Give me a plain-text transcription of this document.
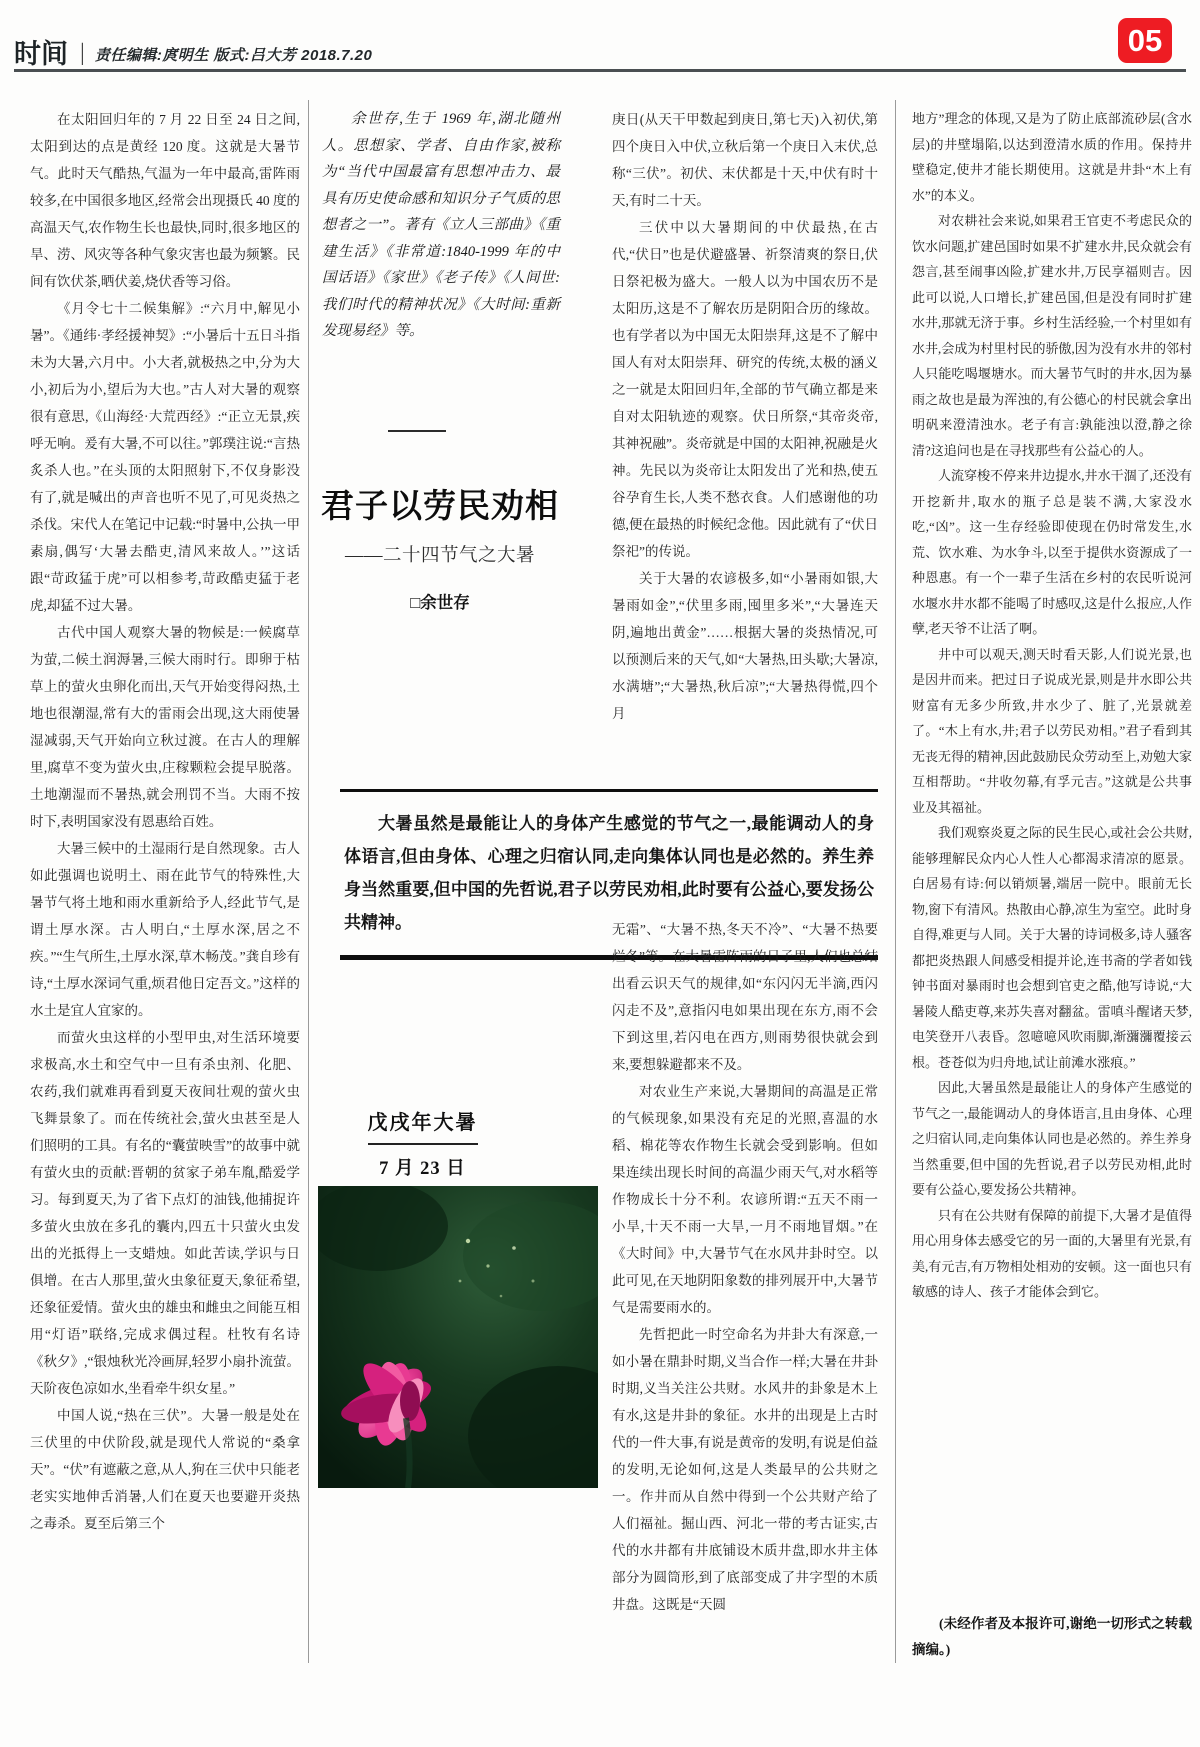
时间 | 责任编辑:庹明生 版式:吕大芳 2018.7.20	05

在太阳回归年的 7 月 22 日至 24 日之间,太阳到达的点是黄经 120 度。这就是大暑节气。此时天气酷热,气温为一年中最高,雷阵雨较多,在中国很多地区,经常会出现摄氏 40 度的高温天气,农作物生长也最快,同时,很多地区的旱、涝、风灾等各种气象灾害也最为频繁。民间有饮伏茶,晒伏姜,烧伏香等习俗。

《月令七十二候集解》:“六月中,解见小暑”。《通纬·孝经援神契》:“小暑后十五日斗指未为大暑,六月中。小大者,就极热之中,分为大小,初后为小,望后为大也。”古人对大暑的观察很有意思,《山海经·大荒西经》:“正立无景,疾呼无响。爰有大暑,不可以往。”郭璞注说:“言热炙杀人也。”在头顶的太阳照射下,不仅身影没有了,就是喊出的声音也听不见了,可见炎热之杀伐。宋代人在笔记中记载:“时暑中,公执一甲素扇,偶写‘大暑去酷吏,清风来故人。’”这话跟“苛政猛于虎”可以相参考,苛政酷吏猛于老虎,却猛不过大暑。

古代中国人观察大暑的物候是:一候腐草为萤,二候土润溽暑,三候大雨时行。即卵于枯草上的萤火虫卵化而出,天气开始变得闷热,土地也很潮湿,常有大的雷雨会出现,这大雨使暑湿减弱,天气开始向立秋过渡。在古人的理解里,腐草不变为萤火虫,庄稼颗粒会提早脱落。土地潮湿而不暑热,就会刑罚不当。大雨不按时下,表明国家没有恩惠给百姓。

大暑三候中的土湿雨行是自然现象。古人如此强调也说明土、雨在此节气的特殊性,大暑节气将土地和雨水重新给予人,经此节气,是谓土厚水深。古人明白,“土厚水深,居之不疾。”“生气所生,土厚水深,草木畅茂。”龚自珍有诗,“土厚水深词气重,烦君他日定吾文。”这样的水土是宜人宜家的。

而萤火虫这样的小型甲虫,对生活环境要求极高,水土和空气中一旦有杀虫剂、化肥、农药,我们就难再看到夏天夜间壮观的萤火虫飞舞景象了。而在传统社会,萤火虫甚至是人们照明的工具。有名的“囊萤映雪”的故事中就有萤火虫的贡献:晋朝的贫家子弟车胤,酷爱学习。每到夏天,为了省下点灯的油钱,他捕捉许多萤火虫放在多孔的囊内,四五十只萤火虫发出的光抵得上一支蜡烛。如此苦读,学识与日俱增。在古人那里,萤火虫象征夏天,象征希望,还象征爱情。萤火虫的雄虫和雌虫之间能互相用“灯语”联络,完成求偶过程。杜牧有名诗《秋夕》,“银烛秋光冷画屏,轻罗小扇扑流萤。天阶夜色凉如水,坐看牵牛织女星。”

中国人说,“热在三伏”。大暑一般是处在三伏里的中伏阶段,就是现代人常说的“桑拿天”。“伏”有遮蔽之意,从人,狗在三伏中只能老老实实地伸舌消暑,人们在夏天也要避开炎热之毒杀。夏至后第三个

余世存,生于 1969 年,湖北随州人。思想家、学者、自由作家,被称为“当代中国最富有思想冲击力、最具有历史使命感和知识分子气质的思想者之一”。著有《立人三部曲》《重建生活》《非常道:1840-1999 年的中国话语》《家世》《老子传》《人间世:我们时代的精神状况》《大时间:重新发现易经》等。

君子以劳民劝相
——二十四节气之大暑
□余世存
戊戌年大暑
7 月 23 日

大暑虽然是最能让人的身体产生感觉的节气之一,最能调动人的身体语言,但由身体、心理之归宿认同,走向集体认同也是必然的。养生养身当然重要,但中国的先哲说,君子以劳民劝相,此时要有公益心,要发扬公共精神。

庚日(从天干甲数起到庚日,第七天)入初伏,第四个庚日入中伏,立秋后第一个庚日入末伏,总称“三伏”。初伏、末伏都是十天,中伏有时十天,有时二十天。

三伏中以大暑期间的中伏最热,在古代,“伏日”也是伏避盛暑、祈祭清爽的祭日,伏日祭祀极为盛大。一般人以为中国农历不是太阳历,这是不了解农历是阴阳合历的缘故。也有学者以为中国无太阳崇拜,这是不了解中国人有对太阳崇拜、研究的传统,太极的涵义之一就是太阳回归年,全部的节气确立都是来自对太阳轨迹的观察。伏日所祭,“其帝炎帝,其神祝融”。炎帝就是中国的太阳神,祝融是火神。先民以为炎帝让太阳发出了光和热,使五谷孕育生长,人类不愁衣食。人们感谢他的功德,便在最热的时候纪念他。因此就有了“伏日祭祀”的传说。

关于大暑的农谚极多,如“小暑雨如银,大暑雨如金”,“伏里多雨,囤里多米”,“大暑连天阴,遍地出黄金”……根据大暑的炎热情况,可以预测后来的天气,如“大暑热,田头歇;大暑凉,水满塘”;“大暑热,秋后凉”;“大暑热得慌,四个月

无霜”、“大暑不热,冬天不冷”、“大暑不热要烂冬”等。在大暑雷阵雨的日子里,人们也总结出看云识天气的规律,如“东闪闪无半滴,西闪闪走不及”,意指闪电如果出现在东方,雨不会下到这里,若闪电在西方,则雨势很快就会到来,要想躲避都来不及。

对农业生产来说,大暑期间的高温是正常的气候现象,如果没有充足的光照,喜温的水稻、棉花等农作物生长就会受到影响。但如果连续出现长时间的高温少雨天气,对水稻等作物成长十分不利。农谚所谓:“五天不雨一小旱,十天不雨一大旱,一月不雨地冒烟。”在《大时间》中,大暑节气在水风井卦时空。以此可见,在天地阴阳象数的排列展开中,大暑节气是需要雨水的。

先哲把此一时空命名为井卦大有深意,一如小暑在鼎卦时期,义当合作一样;大暑在井卦时期,义当关注公共财。水风井的卦象是木上有水,这是井卦的象征。水井的出现是上古时代的一件大事,有说是黄帝的发明,有说是伯益的发明,无论如何,这是人类最早的公共财之一。作井而从自然中得到一个公共财产给了人们福祉。掘山西、河北一带的考古证实,古代的水井都有井底铺设木质井盘,即水井主体部分为圆筒形,到了底部变成了井字型的木质井盘。这既是“天圆

地方”理念的体现,又是为了防止底部流砂层(含水层)的井壁塌陷,以达到澄清水质的作用。保持井壁稳定,使井才能长期使用。这就是井卦“木上有水”的本义。

对农耕社会来说,如果君王官吏不考虑民众的饮水问题,扩建邑国时如果不扩建水井,民众就会有怨言,甚至闹事凶险,扩建水井,万民享福则吉。因此可以说,人口增长,扩建邑国,但是没有同时扩建水井,那就无济于事。乡村生活经验,一个村里如有水井,会成为村里村民的骄傲,因为没有水井的邻村人只能吃喝堰塘水。而大暑节气时的井水,因为暴雨之故也是最为浑浊的,有公德心的村民就会拿出明矾来澄清浊水。老子有言:孰能浊以澄,静之徐清?这追问也是在寻找那些有公益心的人。

人流穿梭不停来井边提水,井水干涸了,还没有开挖新井,取水的瓶子总是装不满,大家没水吃,“凶”。这一生存经验即使现在仍时常发生,水荒、饮水难、为水争斗,以至于提供水资源成了一种恩惠。有一个一辈子生活在乡村的农民听说河水堰水井水都不能喝了时感叹,这是什么报应,人作孽,老天爷不让活了啊。

井中可以观天,测天时看天影,人们说光景,也是因井而来。把过日子说成光景,则是井水即公共财富有无多少所致,井水少了、脏了,光景就差了。“木上有水,井;君子以劳民劝相。”君子看到其无丧无得的精神,因此鼓励民众劳动至上,劝勉大家互相帮助。“井收勿幕,有孚元吉。”这就是公共事业及其福祉。

我们观察炎夏之际的民生民心,或社会公共财,能够理解民众内心人性人心都渴求清凉的愿景。白居易有诗:何以销烦暑,端居一院中。眼前无长物,窗下有清风。热散由心静,凉生为室空。此时身自得,难更与人同。关于大暑的诗词极多,诗人骚客都把炎热跟人间感受相提并论,连书斋的学者如钱钟书面对暴雨时也会想到官吏之酷,他写诗说,“大暑陵人酷吏尊,来苏失喜对翻盆。雷嗔斗醒诸天梦,电笑登开八表昏。忽噫噫风吹雨脚,渐瀰瀰覆接云根。苍苍似为归舟地,试让前滩水涨痕。”

因此,大暑虽然是最能让人的身体产生感觉的节气之一,最能调动人的身体语言,且由身体、心理之归宿认同,走向集体认同也是必然的。养生养身当然重要,但中国的先哲说,君子以劳民劝相,此时要有公益心,要发扬公共精神。

只有在公共财有保障的前提下,大暑才是值得用心用身体去感受它的另一面的,大暑里有光景,有美,有元吉,有万物相处相劝的安顿。这一面也只有敏感的诗人、孩子才能体会到它。

(未经作者及本报许可,谢绝一切形式之转载摘编。)
